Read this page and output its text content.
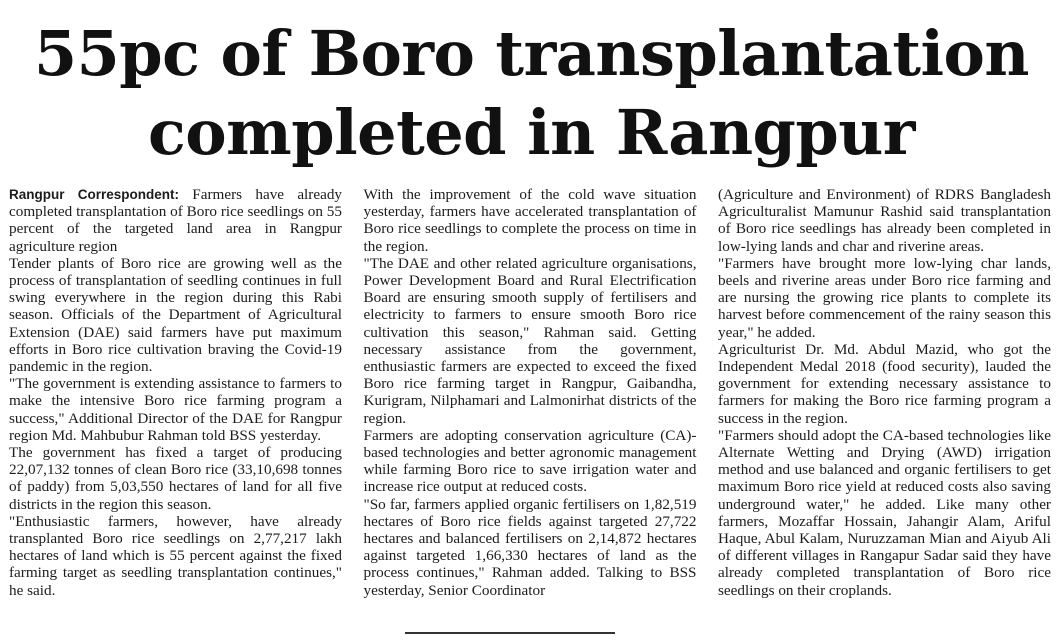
55pc of Boro transplantation
completed in Rangpur

Rangpur Correspondent: Farmers have already completed transplantation of Boro rice seedlings on 55 percent of the targeted land area in Rangpur agriculture region

Tender plants of Boro rice are growing well as the process of transplantation of seedling continues in full swing everywhere in the region during this Rabi season. Officials of the Department of Agricultural Extension (DAE) said farmers have put maximum efforts in Boro rice cultivation braving the Covid-19 pandemic in the region.

"The government is extending assistance to farmers to make the intensive Boro rice farming program a success," Additional Director of the DAE for Rangpur region Md. Mahbubur Rahman told BSS yesterday.

The government has fixed a target of producing 22,07,132 tonnes of clean Boro rice (33,10,698 tonnes of paddy) from 5,03,550 hectares of land for all five districts in the region this season.

"Enthusiastic farmers, however, have already transplanted Boro rice seedlings on 2,77,217 lakh hectares of land which is 55 percent against the fixed farming target as seedling transplantation continues," he said.

With the improvement of the cold wave situation yesterday, farmers have accelerated transplantation of Boro rice seedlings to complete the process on time in the region.

"The DAE and other related agriculture organisations, Power Development Board and Rural Electrification Board are ensuring smooth supply of fertilisers and electricity to farmers to ensure smooth Boro rice cultivation this season," Rahman said. Getting necessary assistance from the government, enthusiastic farmers are expected to exceed the fixed Boro rice farming target in Rangpur, Gaibandha, Kurigram, Nilphamari and Lalmonirhat districts of the region.

Farmers are adopting conservation agriculture (CA)-based technologies and better agronomic management while farming Boro rice to save irrigation water and increase rice output at reduced costs.

"So far, farmers applied organic fertilisers on 1,82,519 hectares of Boro rice fields against targeted 27,722 hectares and balanced fertilisers on 2,14,872 hectares against targeted 1,66,330 hectares of land as the process continues," Rahman added. Talking to BSS yesterday, Senior Coordinator

(Agriculture and Environment) of RDRS Bangladesh Agriculturalist Mamunur Rashid said transplantation of Boro rice seedlings has already been completed in low-lying lands and char and riverine areas.

"Farmers have brought more low-lying char lands, beels and riverine areas under Boro rice farming and are nursing the growing rice plants to complete its harvest before commencement of the rainy season this year," he added.

Agriculturist Dr. Md. Abdul Mazid, who got the Independent Medal 2018 (food security), lauded the government for extending necessary assistance to farmers for making the Boro rice farming program a success in the region.

"Farmers should adopt the CA-based technologies like Alternate Wetting and Drying (AWD) irrigation method and use balanced and organic fertilisers to get maximum Boro rice yield at reduced costs also saving underground water," he added. Like many other farmers, Mozaffar Hossain, Jahangir Alam, Ariful Haque, Abul Kalam, Nuruzzaman Mian and Aiyub Ali of different villages in Rangapur Sadar said they have already completed transplantation of Boro rice seedlings on their croplands.
